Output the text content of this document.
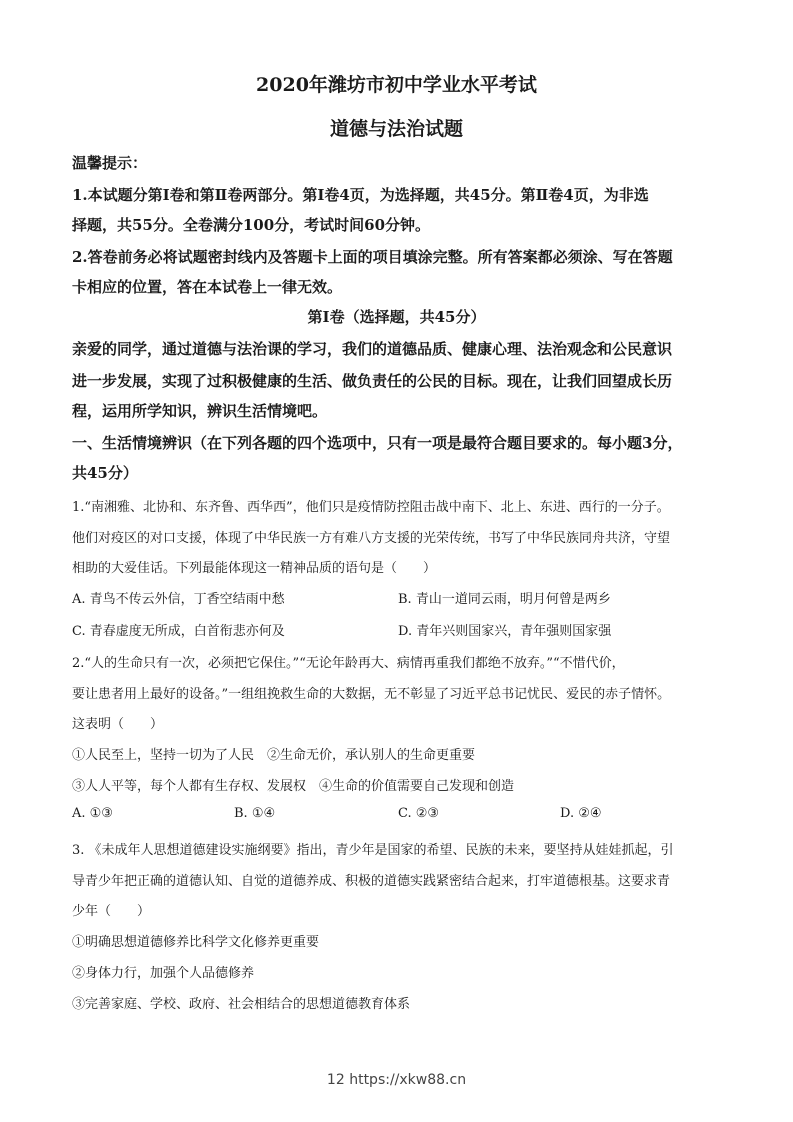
2020年潍坊市初中学业水平考试
道德与法治试题
温馨提示：
1.本试题分第Ⅰ卷和第Ⅱ卷两部分。第Ⅰ卷4页，为选择题，共45分。第Ⅱ卷4页，为非选
择题，共55分。全卷满分100分，考试时间60分钟。
2.答卷前务必将试题密封线内及答题卡上面的项目填涂完整。所有答案都必须涂、写在答题
卡相应的位置，答在本试卷上一律无效。
第Ⅰ卷（选择题，共45分）
亲爱的同学，通过道德与法治课的学习，我们的道德品质、健康心理、法治观念和公民意识
进一步发展，实现了过积极健康的生活、做负责任的公民的目标。现在，让我们回望成长历
程，运用所学知识，辨识生活情境吧。
一、生活情境辨识（在下列各题的四个选项中，只有一项是最符合题目要求的。每小题3分，
共45分）
1.“南湘雅、北协和、东齐鲁、西华西”，他们只是疫情防控阻击战中南下、北上、东进、西行的一分子。
他们对疫区的对口支援，体现了中华民族一方有难八方支援的光荣传统，书写了中华民族同舟共济，守望
相助的大爱佳话。下列最能体现这一精神品质的语句是（　　）
A. 青鸟不传云外信，丁香空结雨中愁	B. 青山一道同云雨，明月何曾是两乡
C. 青春虚度无所成，白首衔悲亦何及	D. 青年兴则国家兴，青年强则国家强
2.“人的生命只有一次，必须把它保住。”“无论年龄再大、病情再重我们都绝不放弃。”“不惜代价，
要让患者用上最好的设备。”一组组挽救生命的大数据，无不彰显了习近平总书记忧民、爱民的赤子情怀。
这表明（　　）
①人民至上，坚持一切为了人民　②生命无价，承认别人的生命更重要
③人人平等，每个人都有生存权、发展权　④生命的价值需要自己发现和创造
A. ①③	B. ①④	C. ②③	D. ②④
3. 《未成年人思想道德建设实施纲要》指出，青少年是国家的希望、民族的未来，要坚持从娃娃抓起，引
导青少年把正确的道德认知、自觉的道德养成、积极的道德实践紧密结合起来，打牢道德根基。这要求青
少年（　　）
①明确思想道德修养比科学文化修养更重要
②身体力行，加强个人品德修养
③完善家庭、学校、政府、社会相结合的思想道德教育体系
12 https://xkw88.cn
